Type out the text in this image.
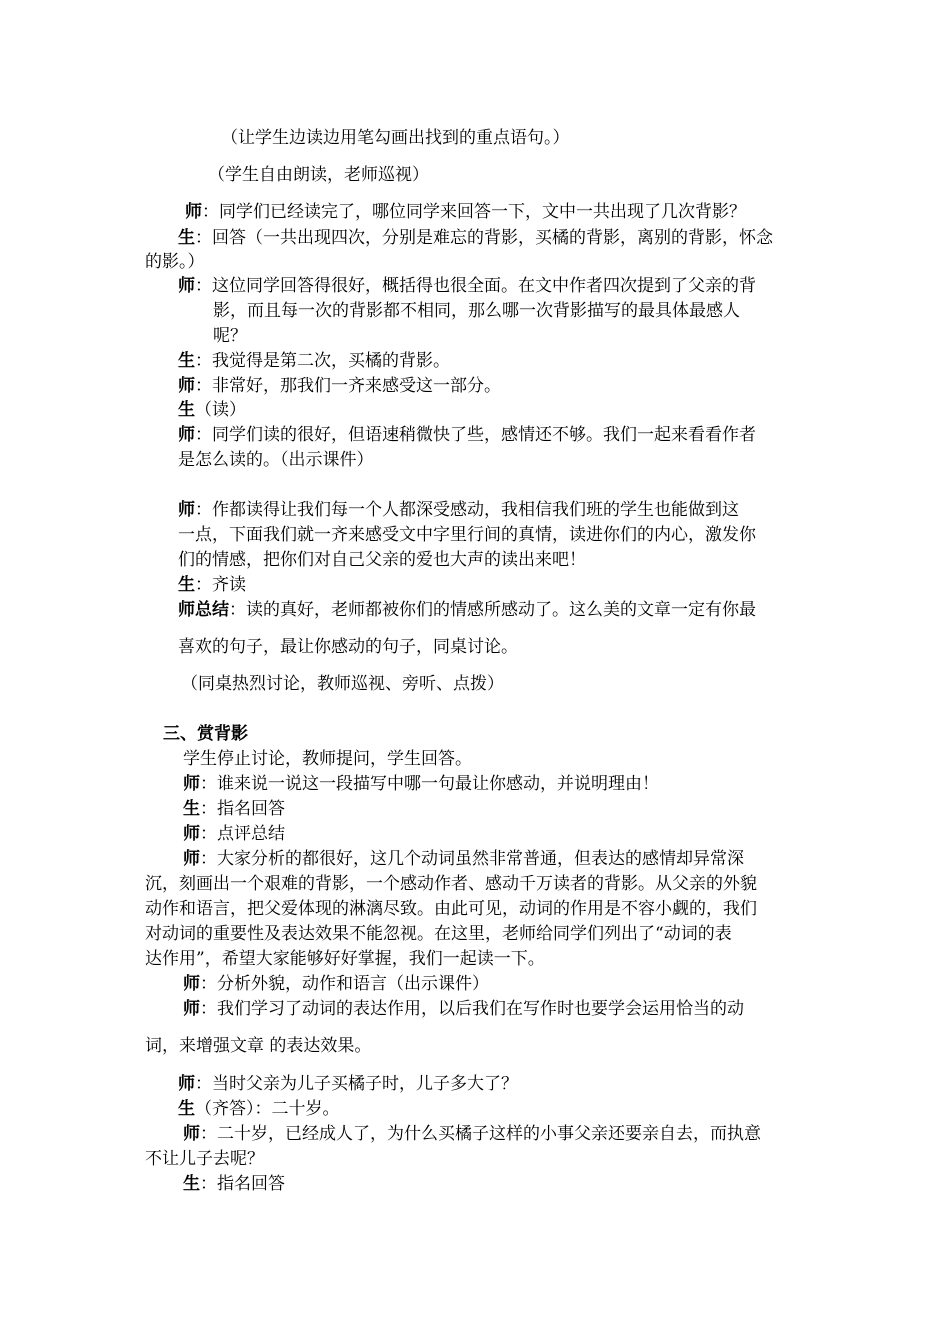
（让学生边读边用笔勾画出找到的重点语句。）
（学生自由朗读，老师巡视）
师：同学们已经读完了，哪位同学来回答一下，文中一共出现了几次背影？
生：回答（一共出现四次，分别是难忘的背影，买橘的背影，离别的背影，怀念
的影。）
师：这位同学回答得很好，概括得也很全面。在文中作者四次提到了父亲的背
影，而且每一次的背影都不相同，那么哪一次背影描写的最具体最感人
呢？
生：我觉得是第二次，买橘的背影。
师：非常好，那我们一齐来感受这一部分。
生（读）
师：同学们读的很好，但语速稍微快了些，感情还不够。我们一起来看看作者
是怎么读的。（出示课件）
师：作都读得让我们每一个人都深受感动，我相信我们班的学生也能做到这
一点，下面我们就一齐来感受文中字里行间的真情，读进你们的内心，激发你
们的情感，把你们对自己父亲的爱也大声的读出来吧！
生：齐读
师总结：读的真好，老师都被你们的情感所感动了。这么美的文章一定有你最
喜欢的句子，最让你感动的句子，同桌讨论。
（同桌热烈讨论，教师巡视、旁听、点拨）
三、赏背影
学生停止讨论，教师提问，学生回答。
师：谁来说一说这一段描写中哪一句最让你感动，并说明理由！
生：指名回答
师：点评总结
师：大家分析的都很好，这几个动词虽然非常普通，但表达的感情却异常深
沉，刻画出一个艰难的背影，一个感动作者、感动千万读者的背影。从父亲的外貌
动作和语言，把父爱体现的淋漓尽致。由此可见，动词的作用是不容小觑的，我们
对动词的重要性及表达效果不能忽视。在这里，老师给同学们列出了“动词的表
达作用”，希望大家能够好好掌握，我们一起读一下。
师：分析外貌，动作和语言（出示课件）
师：我们学习了动词的表达作用，以后我们在写作时也要学会运用恰当的动
词，来增强文章 的表达效果。
师：当时父亲为儿子买橘子时，儿子多大了？
生（齐答）：二十岁。
师：二十岁，已经成人了，为什么买橘子这样的小事父亲还要亲自去，而执意
不让儿子去呢？
生：指名回答
